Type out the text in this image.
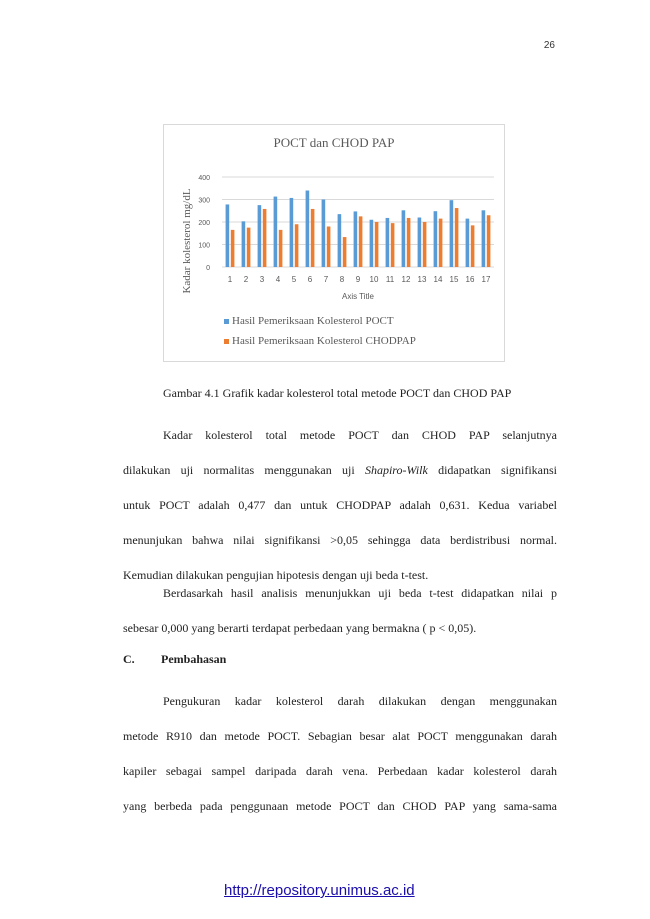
26
POCT dan CHOD PAP
0
100
200
300
400
1 2 3 4 5 6 7 8 9 10 11 12 13 14 15 16 17
Axis Title
Kadar kolesterol mg/dL
Hasil Pemeriksaan Kolesterol POCT
Hasil Pemeriksaan Kolesterol CHODPAP
Gambar 4.1 Grafik kadar kolesterol total metode POCT dan CHOD PAP

Kadar kolesterol total metode POCT dan CHOD PAP selanjutnya

dilakukan uji normalitas menggunakan uji Shapiro-Wilk didapatkan signifikansi

untuk POCT adalah 0,477 dan untuk CHODPAP adalah 0,631. Kedua variabel

menunjukan bahwa nilai signifikansi >0,05 sehingga data berdistribusi normal.

Kemudian dilakukan pengujian hipotesis dengan uji beda t-test.

Berdasarkah hasil analisis menunjukkan uji beda t-test didapatkan nilai p

sebesar 0,000 yang berarti terdapat perbedaan yang bermakna ( p < 0,05).

C. Pembahasan

Pengukuran kadar kolesterol darah dilakukan dengan menggunakan

metode R910 dan metode POCT. Sebagian besar alat POCT menggunakan darah

kapiler sebagai sampel daripada darah vena. Perbedaan kadar kolesterol darah

yang berbeda pada penggunaan metode POCT dan CHOD PAP yang sama-sama

http://repository.unimus.ac.id
